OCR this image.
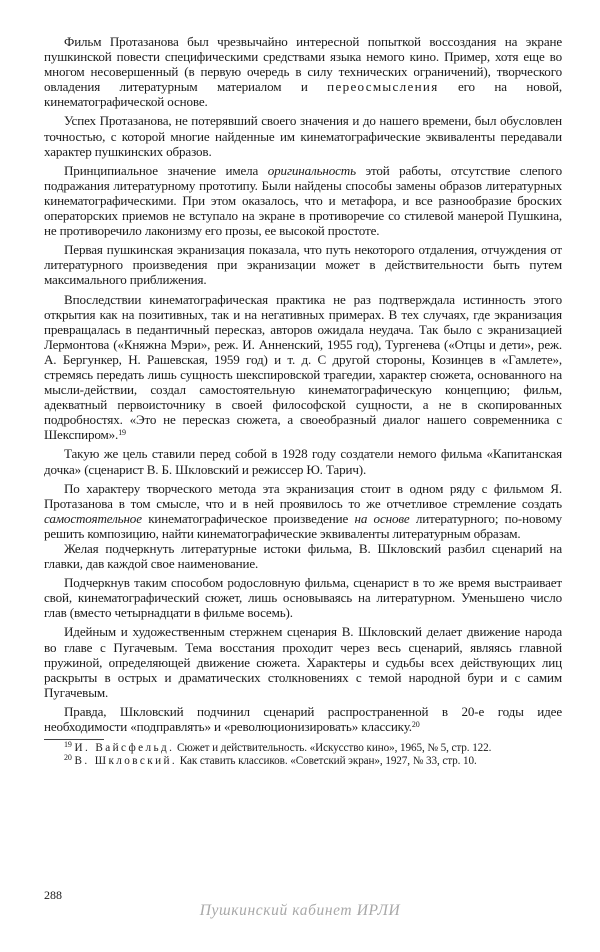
Фильм Протазанова был чрезвычайно интересной попыткой воссоздания на экране пушкинской повести специфическими средствами языка немого кино. Пример, хотя еще во многом несовершенный (в первую очередь в силу технических ограничений), творческого овладения литературным материалом и переосмысления его на новой, кинематографической основе.

Успех Протазанова, не потерявший своего значения и до нашего времени, был обусловлен точностью, с которой многие найденные им кинематографические эквиваленты передавали характер пушкинских образов.

Принципиальное значение имела оригинальность этой работы, отсутствие слепого подражания литературному прототипу. Были найдены способы замены образов литературных кинематографическими. При этом оказалось, что и метафора, и все разнообразие броских операторских приемов не вступало на экране в противоречие со стилевой манерой Пушкина, не противоречило лаконизму его прозы, ее высокой простоте.

Первая пушкинская экранизация показала, что путь некоторого отдаления, отчуждения от литературного произведения при экранизации может в действительности быть путем максимального приближения.

Впоследствии кинематографическая практика не раз подтверждала истинность этого открытия как на позитивных, так и на негативных примерах. В тех случаях, где экранизация превращалась в педантичный пересказ, авторов ожидала неудача. Так было с экранизацией Лермонтова («Княжна Мэри», реж. И. Анненский, 1955 год), Тургенева («Отцы и дети», реж. А. Бергункер, Н. Рашевская, 1959 год) и т. д. С другой стороны, Козинцев в «Гамлете», стремясь передать лишь сущность шекспировской трагедии, характер сюжета, основанного на мысли-действии, создал самостоятельную кинематографическую концепцию; фильм, адекватный первоисточнику в своей философской сущности, а не в скопированных подробностях. «Это не пересказ сюжета, а своеобразный диалог нашего современника с Шекспиром».$^{19}$

Такую же цель ставили перед собой в 1928 году создатели немого фильма «Капитанская дочка» (сценарист В. Б. Шкловский и режиссер Ю. Тарич).

По характеру творческого метода эта экранизация стоит в одном ряду с фильмом Я. Протазанова в том смысле, что и в ней проявилось то же отчетливое стремление создать самостоятельное кинематографическое произведение на основе литературного; по-новому решить композицию, найти кинематографические эквиваленты литературным образам.

Желая подчеркнуть литературные истоки фильма, В. Шкловский разбил сценарий на главки, дав каждой свое наименование.

Подчеркнув таким способом родословную фильма, сценарист в то же время выстраивает свой, кинематографический сюжет, лишь основываясь на литературном. Уменьшено число глав (вместо четырнадцати в фильме восемь).

Идейным и художественным стержнем сценария В. Шкловский делает движение народа во главе с Пугачевым. Тема восстания проходит через весь сценарий, являясь главной пружиной, определяющей движение сюжета. Характеры и судьбы всех действующих лиц раскрыты в острых и драматических столкновениях с темой народной бури и с самим Пугачевым.

Правда, Шкловский подчинил сценарий распространенной в 20-е годы идее необходимости «подправлять» и «революционизировать» классику.$^{20}$

$^{19}$ И. Вайсфельд. Сюжет и действительность. «Искусство кино», 1965, № 5, стр. 122.

$^{20}$ В. Шкловский. Как ставить классиков. «Советский экран», 1927, № 33, стр. 10.

288
Пушкинский кабинет ИРЛИ
